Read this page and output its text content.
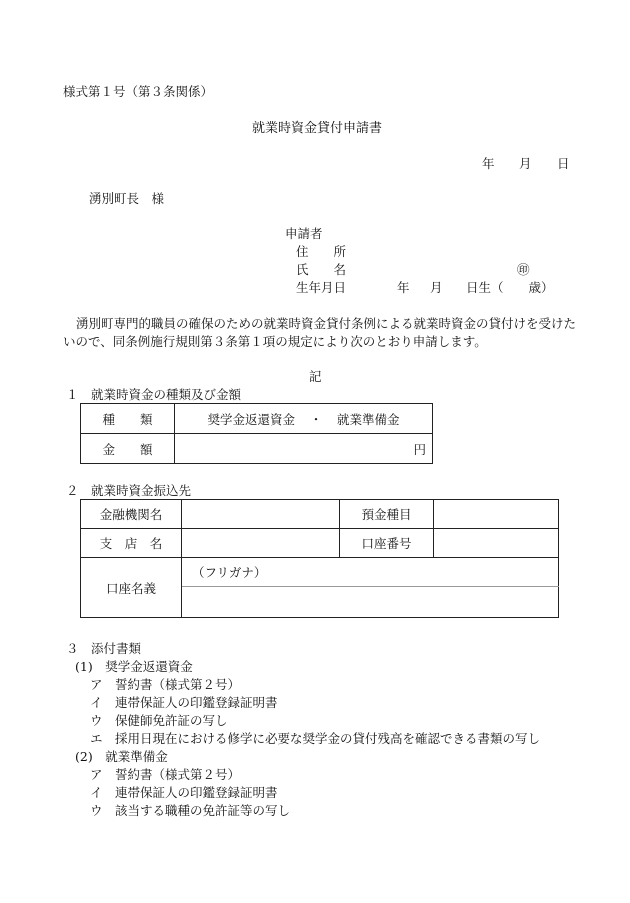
様式第１号（第３条関係）
就業時資金貸付申請書
年 月 日
湧別町長　様
申請者
住　　所
氏　　名	㊞
生年月日	年 月 日生（　　歳）
湧別町専門的職員の確保のための就業時資金貸付条例による就業時資金の貸付けを受けた
いので、同条例施行規則第３条第１項の規定により次のとおり申請します。
記
１　就業時資金の種類及び金額
種　　類	奨学金返還資金 ・ 就業準備金
金　　額	円
２　就業時資金振込先
金融機関名		預金種目	
支　店　名		口座番号	
口座名義	（フリガナ）		

３　添付書類
(1)　奨学金返還資金
ア　誓約書（様式第２号）
イ　連帯保証人の印鑑登録証明書
ウ　保健師免許証の写し
エ　採用日現在における修学に必要な奨学金の貸付残高を確認できる書類の写し
(2)　就業準備金
ア　誓約書（様式第２号）
イ　連帯保証人の印鑑登録証明書
ウ　該当する職種の免許証等の写し
